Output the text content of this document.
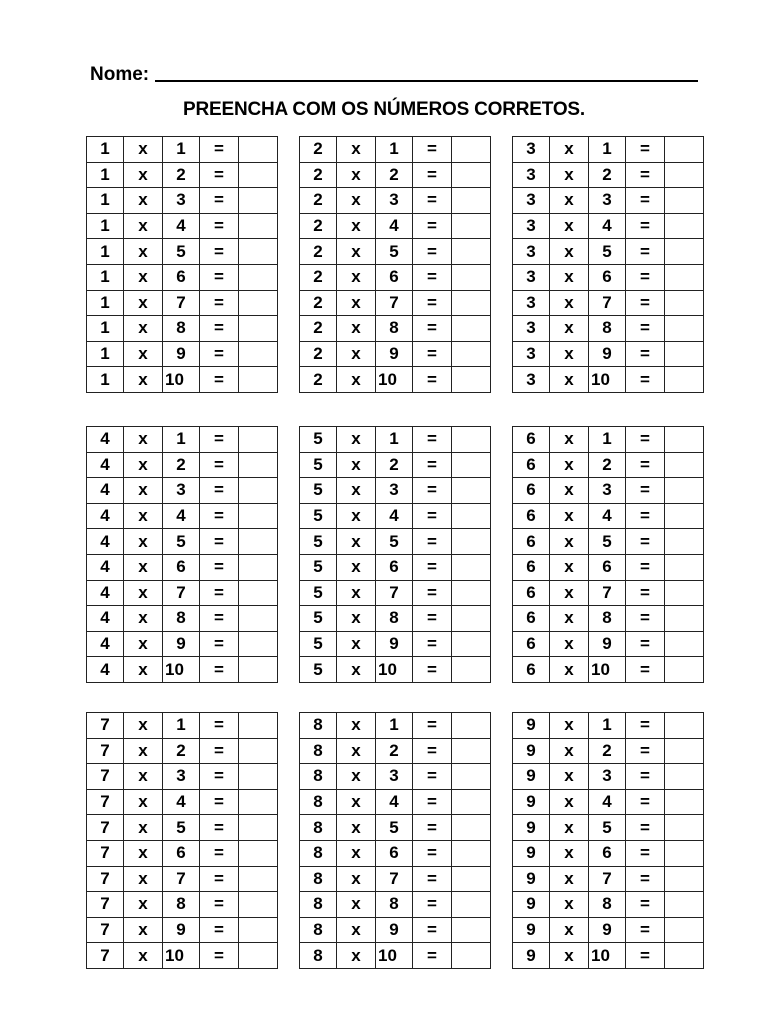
Nome:
PREENCHA COM OS NÚMEROS CORRETOS.
1	x	1	=	
1	x	2	=	
1	x	3	=	
1	x	4	=	
1	x	5	=	
1	x	6	=	
1	x	7	=	
1	x	8	=	
1	x	9	=	
1	x	10	=	
2	x	1	=	
2	x	2	=	
2	x	3	=	
2	x	4	=	
2	x	5	=	
2	x	6	=	
2	x	7	=	
2	x	8	=	
2	x	9	=	
2	x	10	=	
3	x	1	=	
3	x	2	=	
3	x	3	=	
3	x	4	=	
3	x	5	=	
3	x	6	=	
3	x	7	=	
3	x	8	=	
3	x	9	=	
3	x	10	=	
4	x	1	=	
4	x	2	=	
4	x	3	=	
4	x	4	=	
4	x	5	=	
4	x	6	=	
4	x	7	=	
4	x	8	=	
4	x	9	=	
4	x	10	=	
5	x	1	=	
5	x	2	=	
5	x	3	=	
5	x	4	=	
5	x	5	=	
5	x	6	=	
5	x	7	=	
5	x	8	=	
5	x	9	=	
5	x	10	=	
6	x	1	=	
6	x	2	=	
6	x	3	=	
6	x	4	=	
6	x	5	=	
6	x	6	=	
6	x	7	=	
6	x	8	=	
6	x	9	=	
6	x	10	=	
7	x	1	=	
7	x	2	=	
7	x	3	=	
7	x	4	=	
7	x	5	=	
7	x	6	=	
7	x	7	=	
7	x	8	=	
7	x	9	=	
7	x	10	=	
8	x	1	=	
8	x	2	=	
8	x	3	=	
8	x	4	=	
8	x	5	=	
8	x	6	=	
8	x	7	=	
8	x	8	=	
8	x	9	=	
8	x	10	=	
9	x	1	=	
9	x	2	=	
9	x	3	=	
9	x	4	=	
9	x	5	=	
9	x	6	=	
9	x	7	=	
9	x	8	=	
9	x	9	=	
9	x	10	=	
